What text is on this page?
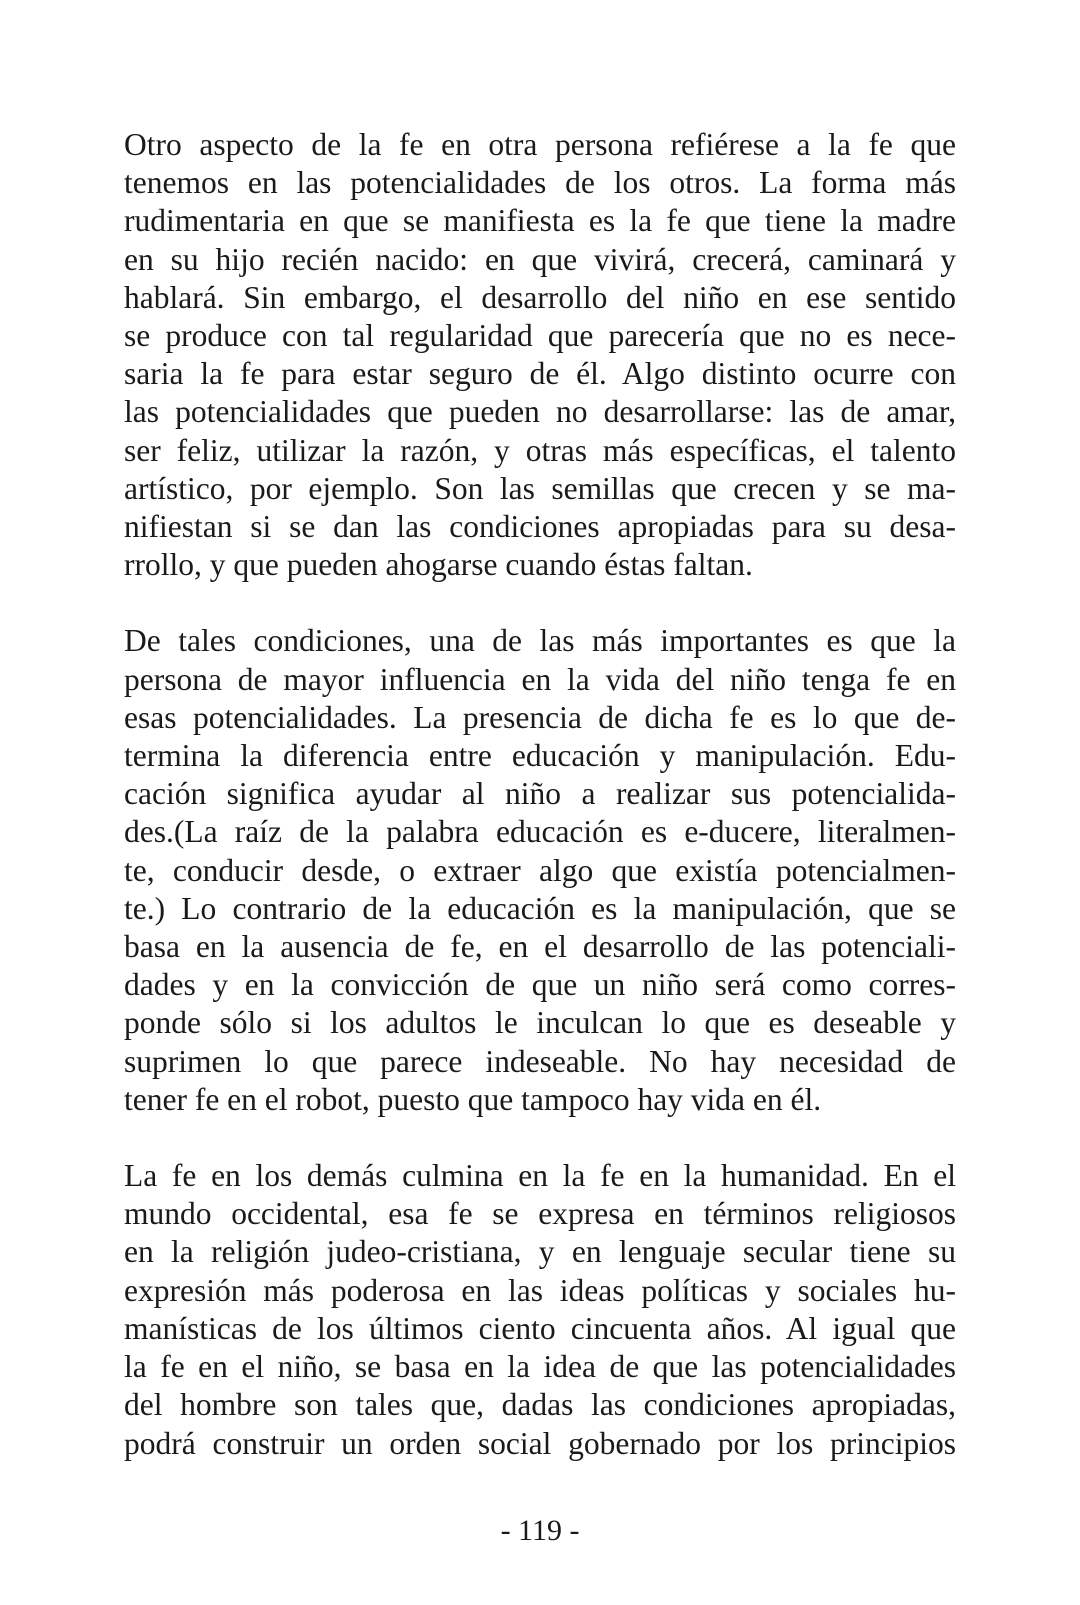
Otro aspecto de la fe en otra persona refiérese a la fe que
tenemos en las potencialidades de los otros. La forma más
rudimentaria en que se manifiesta es la fe que tiene la madre
en su hijo recién nacido: en que vivirá, crecerá, caminará y
hablará. Sin embargo, el desarrollo del niño en ese sentido
se produce con tal regularidad que parecería que no es nece-
saria la fe para estar seguro de él. Algo distinto ocurre con
las potencialidades que pueden no desarrollarse: las de amar,
ser feliz, utilizar la razón, y otras más específicas, el talento
artístico, por ejemplo. Son las semillas que crecen y se ma-
nifiestan si se dan las condiciones apropiadas para su desa-
rrollo, y que pueden ahogarse cuando éstas faltan.
De tales condiciones, una de las más importantes es que la
persona de mayor influencia en la vida del niño tenga fe en
esas potencialidades. La presencia de dicha fe es lo que de-
termina la diferencia entre educación y manipulación. Edu-
cación significa ayudar al niño a realizar sus potencialida-
des.(La raíz de la palabra educación es e-ducere, literalmen-
te, conducir desde, o extraer algo que existía potencialmen-
te.) Lo contrario de la educación es la manipulación, que se
basa en la ausencia de fe, en el desarrollo de las potenciali-
dades y en la convicción de que un niño será como corres-
ponde sólo si los adultos le inculcan lo que es deseable y
suprimen lo que parece indeseable. No hay necesidad de
tener fe en el robot, puesto que tampoco hay vida en él.
La fe en los demás culmina en la fe en la humanidad. En el
mundo occidental, esa fe se expresa en términos religiosos
en la religión judeo-cristiana, y en lenguaje secular tiene su
expresión más poderosa en las ideas políticas y sociales hu-
manísticas de los últimos ciento cincuenta años. Al igual que
la fe en el niño, se basa en la idea de que las potencialidades
del hombre son tales que, dadas las condiciones apropiadas,
podrá construir un orden social gobernado por los principios
- 119 -
